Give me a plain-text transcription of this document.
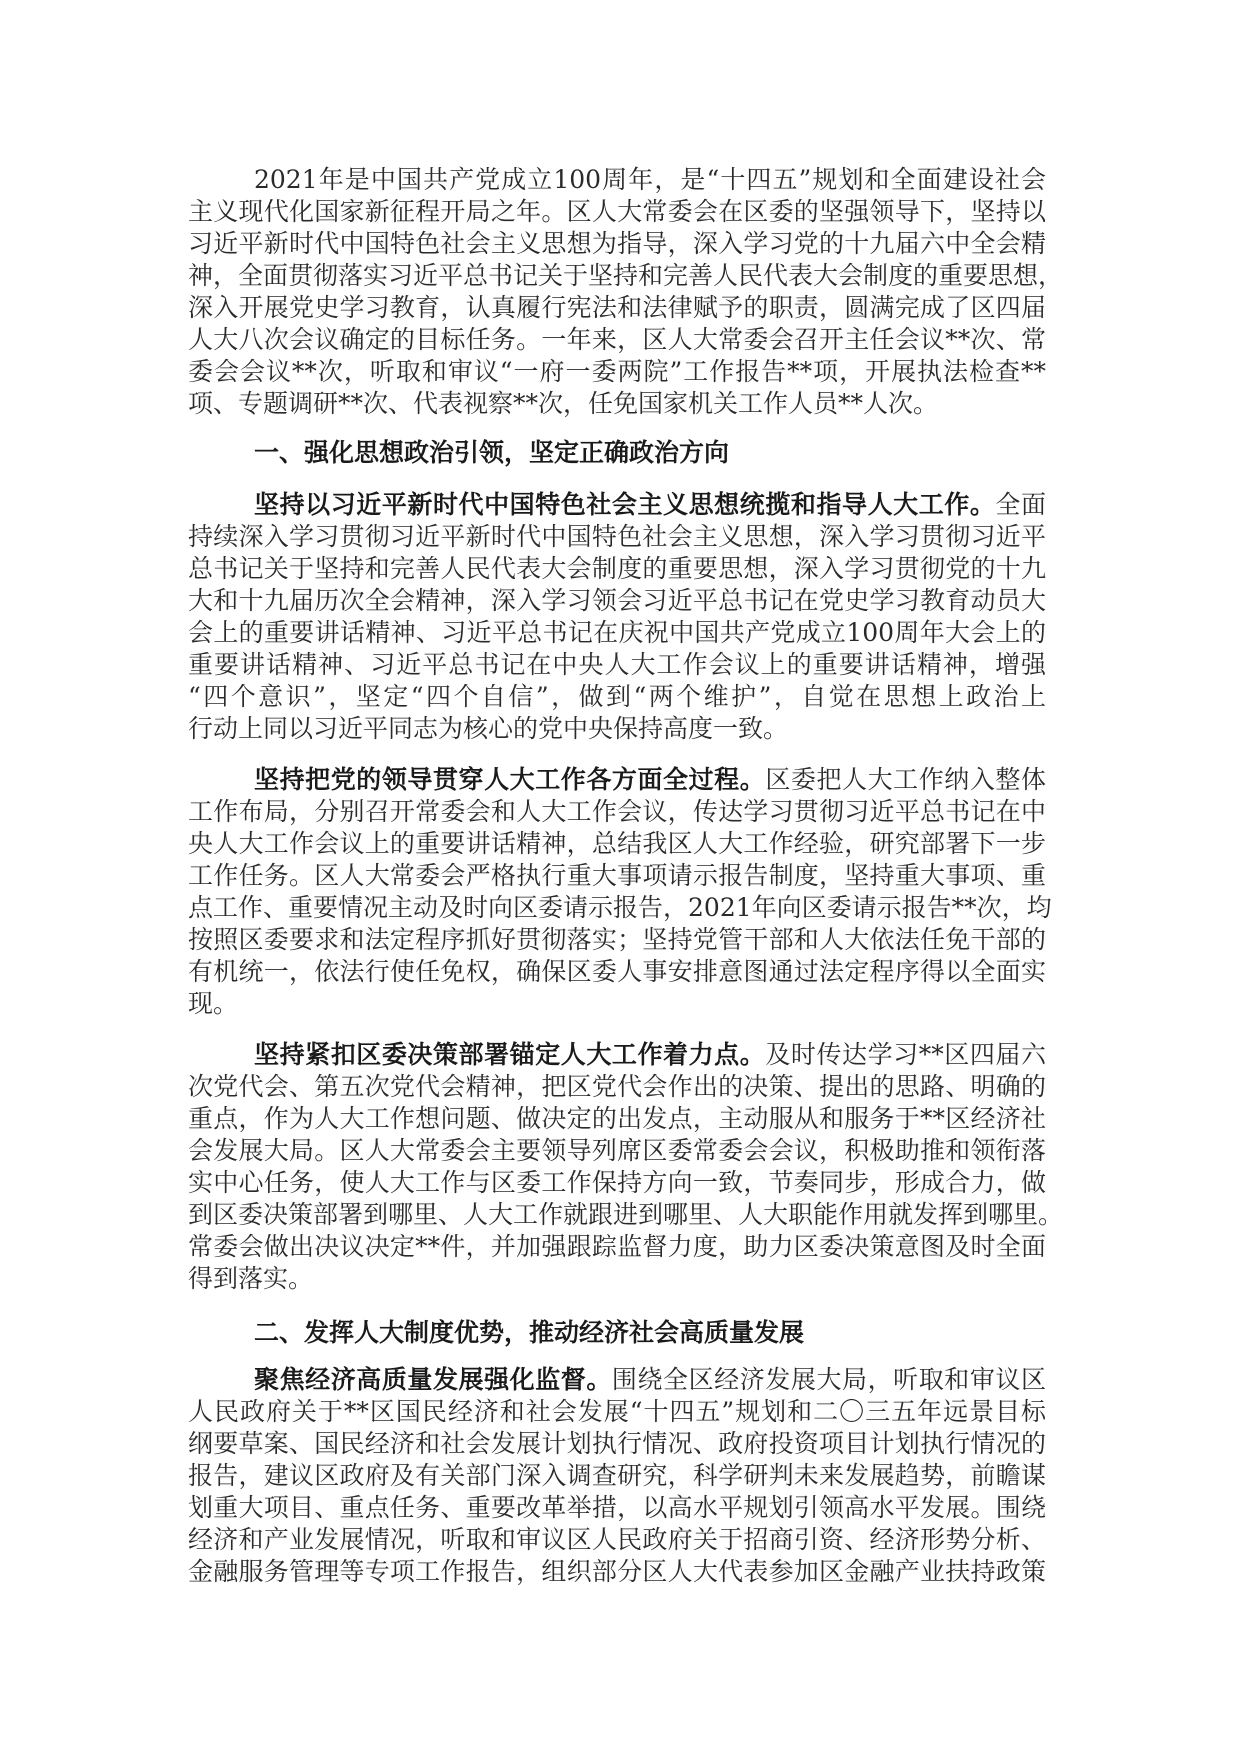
2021年是中国共产党成立100周年，是“十四五”规划和全面建设社会
主义现代化国家新征程开局之年。区人大常委会在区委的坚强领导下，坚持以
习近平新时代中国特色社会主义思想为指导，深入学习党的十九届六中全会精
神，全面贯彻落实习近平总书记关于坚持和完善人民代表大会制度的重要思想，
深入开展党史学习教育，认真履行宪法和法律赋予的职责，圆满完成了区四届
人大八次会议确定的目标任务。一年来，区人大常委会召开主任会议**次、常
委会会议**次，听取和审议“一府一委两院”工作报告**项，开展执法检查**
项、专题调研**次、代表视察**次，任免国家机关工作人员**人次。
一、强化思想政治引领，坚定正确政治方向
坚持以习近平新时代中国特色社会主义思想统揽和指导人大工作。全面
持续深入学习贯彻习近平新时代中国特色社会主义思想，深入学习贯彻习近平
总书记关于坚持和完善人民代表大会制度的重要思想，深入学习贯彻党的十九
大和十九届历次全会精神，深入学习领会习近平总书记在党史学习教育动员大
会上的重要讲话精神、习近平总书记在庆祝中国共产党成立100周年大会上的
重要讲话精神、习近平总书记在中央人大工作会议上的重要讲话精神，增强
“四个意识”，坚定“四个自信”，做到“两个维护”，自觉在思想上政治上
行动上同以习近平同志为核心的党中央保持高度一致。
坚持把党的领导贯穿人大工作各方面全过程。区委把人大工作纳入整体
工作布局，分别召开常委会和人大工作会议，传达学习贯彻习近平总书记在中
央人大工作会议上的重要讲话精神，总结我区人大工作经验，研究部署下一步
工作任务。区人大常委会严格执行重大事项请示报告制度，坚持重大事项、重
点工作、重要情况主动及时向区委请示报告，2021年向区委请示报告**次，均
按照区委要求和法定程序抓好贯彻落实；坚持党管干部和人大依法任免干部的
有机统一，依法行使任免权，确保区委人事安排意图通过法定程序得以全面实
现。
坚持紧扣区委决策部署锚定人大工作着力点。及时传达学习**区四届六
次党代会、第五次党代会精神，把区党代会作出的决策、提出的思路、明确的
重点，作为人大工作想问题、做决定的出发点，主动服从和服务于**区经济社
会发展大局。区人大常委会主要领导列席区委常委会会议，积极助推和领衔落
实中心任务，使人大工作与区委工作保持方向一致，节奏同步，形成合力，做
到区委决策部署到哪里、人大工作就跟进到哪里、人大职能作用就发挥到哪里。
常委会做出决议决定**件，并加强跟踪监督力度，助力区委决策意图及时全面
得到落实。
二、发挥人大制度优势，推动经济社会高质量发展
聚焦经济高质量发展强化监督。围绕全区经济发展大局，听取和审议区
人民政府关于**区国民经济和社会发展“十四五”规划和二〇三五年远景目标
纲要草案、国民经济和社会发展计划执行情况、政府投资项目计划执行情况的
报告，建议区政府及有关部门深入调查研究，科学研判未来发展趋势，前瞻谋
划重大项目、重点任务、重要改革举措，以高水平规划引领高水平发展。围绕
经济和产业发展情况，听取和审议区人民政府关于招商引资、经济形势分析、
金融服务管理等专项工作报告，组织部分区人大代表参加区金融产业扶持政策
